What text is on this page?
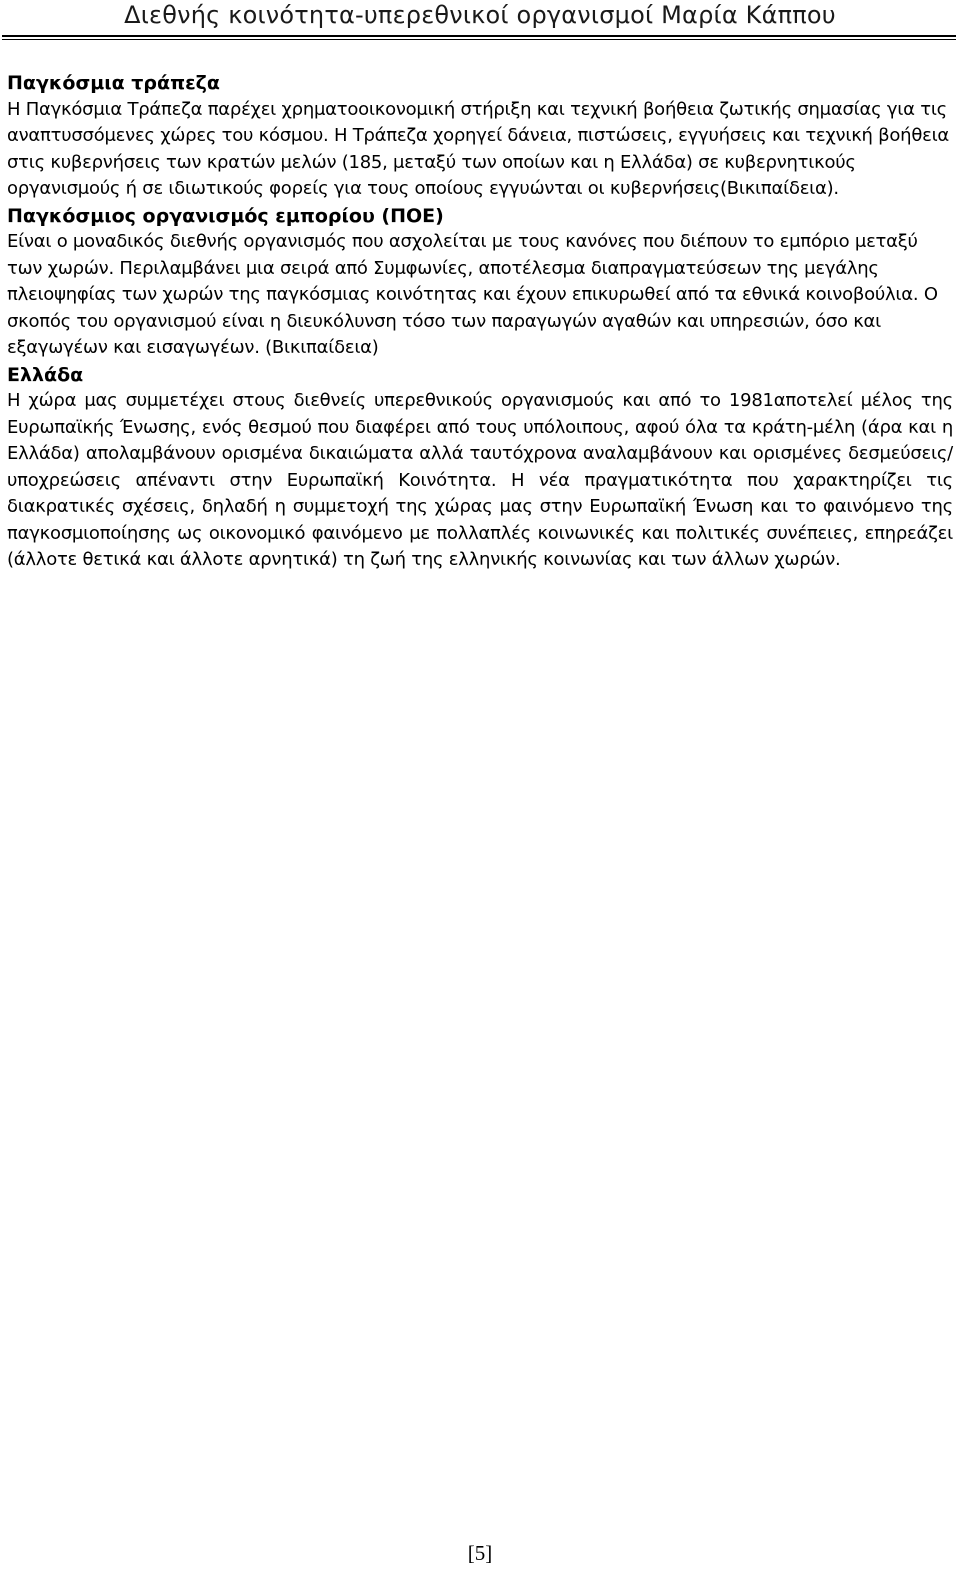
Διεθνής κοινότητα-υπερεθνικοί οργανισμοί Μαρία Κάππου

Παγκόσμια τράπεζα

Η Παγκόσμια Τράπεζα παρέχει χρηματοοικονομική στήριξη και τεχνική βοήθεια ζωτικής σημασίας για τις αναπτυσσόμενες χώρες του κόσμου. Η Τράπεζα χορηγεί δάνεια, πιστώσεις, εγγυήσεις και τεχνική βοήθεια στις κυβερνήσεις των κρατών μελών (185, μεταξύ των οποίων και η Ελλάδα) σε κυβερνητικούς οργανισμούς ή σε ιδιωτικούς φορείς για τους οποίους εγγυώνται οι κυβερνήσεις(Βικιπαίδεια).

Παγκόσμιος οργανισμός εμπορίου (ΠΟΕ)

Είναι ο μοναδικός διεθνής οργανισμός που ασχολείται με τους κανόνες που διέπουν το εμπόριο μεταξύ των χωρών. Περιλαμβάνει μια σειρά από Συμφωνίες, αποτέλεσμα διαπραγματεύσεων της μεγάλης πλειοψηφίας των χωρών της παγκόσμιας κοινότητας και έχουν επικυρωθεί από τα εθνικά κοινοβούλια. Ο σκοπός του οργανισμού είναι η διευκόλυνση τόσο των παραγωγών αγαθών και υπηρεσιών, όσο και εξαγωγέων και εισαγωγέων. (Βικιπαίδεια)

Ελλάδα

Η χώρα μας συμμετέχει στους διεθνείς υπερεθνικούς οργανισμούς και από το 1981αποτελεί μέλος της Ευρωπαϊκής Ένωσης, ενός θεσμού που διαφέρει από τους υπόλοιπους, αφού όλα τα κράτη-μέλη (άρα και η Ελλάδα) απολαμβάνουν ορισμένα δικαιώματα αλλά ταυτόχρονα αναλαμβάνουν και ορισμένες δεσμεύσεις/υποχρεώσεις απέναντι στην Ευρωπαϊκή Κοινότητα. Η νέα πραγματικότητα που χαρακτηρίζει τις διακρατικές σχέσεις, δηλαδή η συμμετοχή της χώρας μας στην Ευρωπαϊκή Ένωση και το φαινόμενο της παγκοσμιοποίησης ως οικονομικό φαινόμενο με πολλαπλές κοινωνικές και πολιτικές συνέπειες, επηρεάζει (άλλοτε θετικά και άλλοτε αρνητικά) τη ζωή της ελληνικής κοινωνίας και των άλλων χωρών.

[5]
